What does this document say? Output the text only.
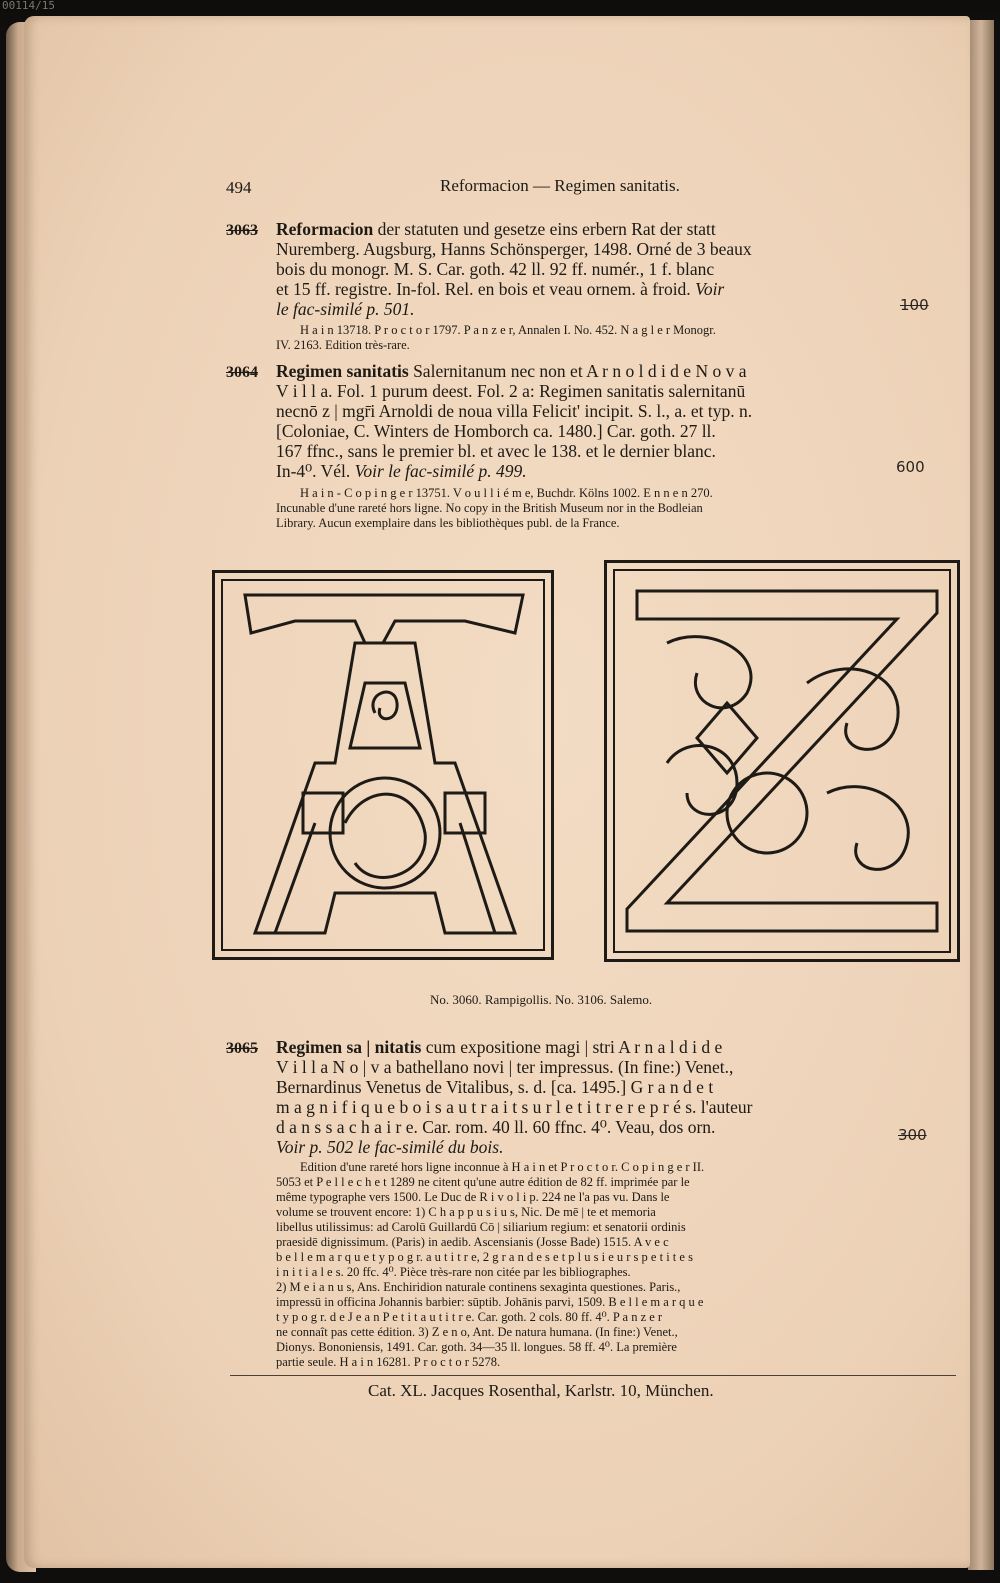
00114/15
494	Reformacion — Regimen sanitatis.
3063 Reformacion der statuten und gesetze eins erbern Rat der statt
Nuremberg. Augsburg, Hanns Schönsperger, 1498. Orné de 3 beaux
bois du monogr. M. S. Car. goth. 42 ll. 92 ff. numér., 1 f. blanc
et 15 ff. registre. In-fol. Rel. en bois et veau ornem. à froid. Voir
le fac-similé p. 501.
H a i n 13718. P r o c t o r 1797. P a n z e r, Annalen I. No. 452. N a g l e r Monogr.
IV. 2163. Edition très-rare.
100
3064 Regimen sanitatis Salernitanum nec non et A r n o l d i d e N o v a
V i l l a. Fol. 1 purum deest. Fol. 2 a: Regimen sanitatis salernitanū
necnō z | mgr̄i Arnoldi de noua villa Felicit' incipit. S. l., a. et typ. n.
[Coloniae, C. Winters de Homborch ca. 1480.] Car. goth. 27 ll.
167 ffnc., sans le premier bl. et avec le 138. et le dernier blanc.
In-4⁰. Vél. Voir le fac-similé p. 499.
H a i n - C o p i n g e r 13751. V o u l l i é m e, Buchdr. Kölns 1002. E n n e n 270.
Incunable d'une rareté hors ligne. No copy in the British Museum nor in the Bodleian
Library. Aucun exemplaire dans les bibliothèques publ. de la France.
600
No. 3060. Rampigollis. No. 3106. Salemo.
3065 Regimen sa | nitatis cum expositione magi | stri A r n a l d i d e
V i l l a N o | v a bathellano novi | ter impressus. (In fine:) Venet.,
Bernardinus Venetus de Vitalibus, s. d. [ca. 1495.] G r a n d e t
m a g n i f i q u e b o i s a u t r a i t s u r l e t i t r e r e p r é s. l'auteur
d a n s s a c h a i r e. Car. rom. 40 ll. 60 ffnc. 4⁰. Veau, dos orn.
Voir p. 502 le fac-similé du bois.
300
Edition d'une rareté hors ligne inconnue à H a i n et P r o c t o r. C o p i n g e r II.
5053 et P e l l e c h e t 1289 ne citent qu'une autre édition de 82 ff. imprimée par le
même typographe vers 1500. Le Duc de R i v o l i p. 224 ne l'a pas vu. Dans le
volume se trouvent encore: 1) C h a p p u s i u s, Nic. De mē | te et memoria
libellus utilissimus: ad Carolū Guillardū Cō | siliarium regium: et senatorii ordinis
praesidē dignissimum. (Paris) in aedib. Ascensianis (Josse Bade) 1515. A v e c
b e l l e m a r q u e t y p o g r. a u t i t r e, 2 g r a n d e s e t p l u s i e u r s p e t i t e s
i n i t i a l e s. 20 ffc. 4⁰. Pièce très-rare non citée par les bibliographes.
2) M e i a n u s, Ans. Enchiridion naturale continens sexaginta questiones. Paris.,
impressū in officina Johannis barbier: sūptib. Johānis parvi, 1509. B e l l e m a r q u e
t y p o g r. d e J e a n P e t i t a u t i t r e. Car. goth. 2 cols. 80 ff. 4⁰. P a n z e r
ne connaît pas cette édition. 3) Z e n o, Ant. De natura humana. (In fine:) Venet.,
Dionys. Bononiensis, 1491. Car. goth. 34—35 ll. longues. 58 ff. 4⁰. La première
partie seule. H a i n 16281. P r o c t o r 5278.
Cat. XL. Jacques Rosenthal, Karlstr. 10, München.
